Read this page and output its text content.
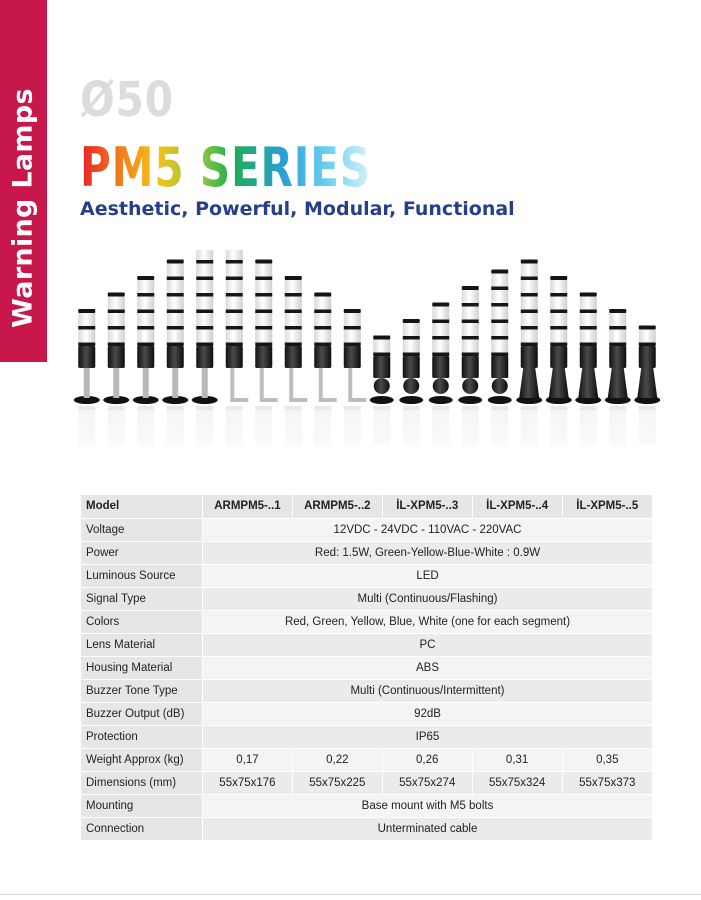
Warning Lamps Ø50
PM5 SERIES
Aesthetic, Powerful, Modular, Functional
Model	ARMPM5-..1	ARMPM5-..2	İL-XPM5-..3	İL-XPM5-..4	İL-XPM5-..5
Voltage	12VDC - 24VDC - 110VAC - 220VAC				
Power	Red: 1.5W, Green-Yellow-Blue-White : 0.9W				
Luminous Source	LED				
Signal Type	Multi (Continuous/Flashing)				
Colors	Red, Green, Yellow, Blue, White (one for each segment)				
Lens Material	PC				
Housing Material	ABS				
Buzzer Tone Type	Multi (Continuous/Intermittent)				
Buzzer Output (dB)	92dB				
Protection	IP65				
Weight Approx (kg)	0,17	0,22	0,26	0,31	0,35
Dimensions (mm)	55x75x176	55x75x225	55x75x274	55x75x324	55x75x373
Mounting	Base mount with M5 bolts				
Connection	Unterminated cable				
